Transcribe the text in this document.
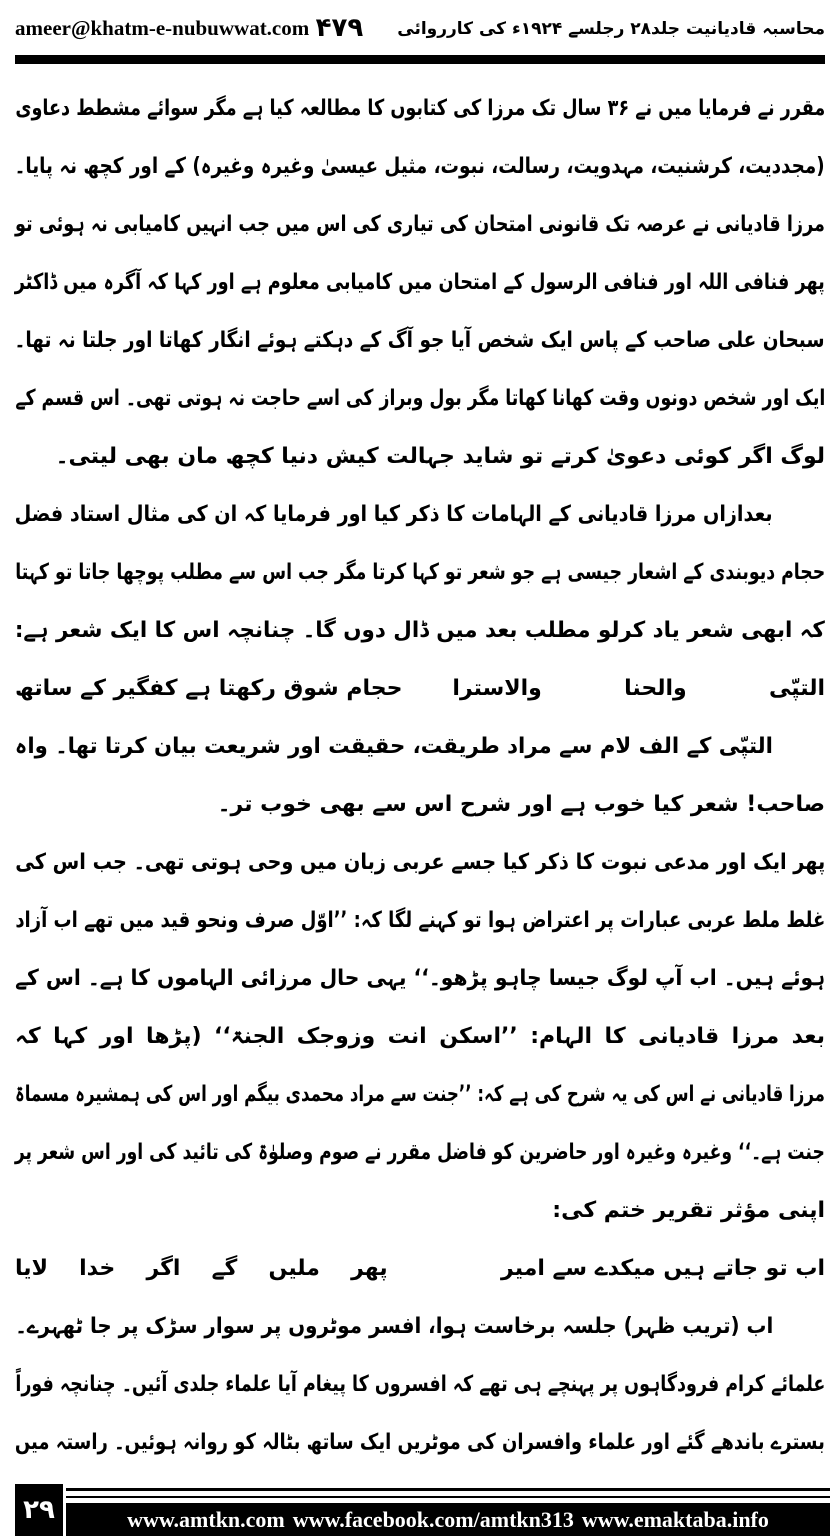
ameer@khatm-e-nubuwwat.com ۴۷۹ محاسبہ قادیانیت جلد۲۸ رجلسے ۱۹۲۴ء کی کارروائی
مقرر نے فرمایا میں نے ۳۶ سال تک مرزا کی کتابوں کا مطالعہ کیا ہے مگر سوائے مشطط دعاوی
(مجددیت، کرشنیت، مہدویت، رسالت، نبوت، مثیل عیسیٰ وغیرہ وغیرہ) کے اور کچھ نہ پایا۔
مرزا قادیانی نے عرصہ تک قانونی امتحان کی تیاری کی اس میں جب انہیں کامیابی نہ ہوئی تو
پھر فنافی اللہ اور فنافی الرسول کے امتحان میں کامیابی معلوم ہے اور کہا کہ آگرہ میں ڈاکٹر
سبحان علی صاحب کے پاس ایک شخص آیا جو آگ کے دہکتے ہوئے انگار کھاتا اور جلتا نہ تھا۔
ایک اور شخص دونوں وقت کھانا کھاتا مگر بول وبراز کی اسے حاجت نہ ہوتی تھی۔ اس قسم کے
لوگ اگر کوئی دعویٰ کرتے تو شاید جہالت کیش دنیا کچھ مان بھی لیتی۔
بعدازاں مرزا قادیانی کے الہامات کا ذکر کیا اور فرمایا کہ ان کی مثال استاد فضل
حجام دیوبندی کے اشعار جیسی ہے جو شعر تو کہا کرتا مگر جب اس سے مطلب پوچھا جاتا تو کہتا
کہ ابھی شعر یاد کرلو مطلب بعد میں ڈال دوں گا۔ چنانچہ اس کا ایک شعر ہے:
التپّی
والحنا
والاسترا
حجام شوق رکھتا ہے کفگیر کے ساتھ
التپّی کے الف لام سے مراد طریقت، حقیقت اور شریعت بیان کرتا تھا۔ واہ
صاحب! شعر کیا خوب ہے اور شرح اس سے بھی خوب تر۔
پھر ایک اور مدعی نبوت کا ذکر کیا جسے عربی زبان میں وحی ہوتی تھی۔ جب اس کی
غلط ملط عربی عبارات پر اعتراض ہوا تو کہنے لگا کہ: ’’اوّل صرف ونحو قید میں تھے اب آزاد
ہوئے ہیں۔ اب آپ لوگ جیسا چاہو پڑھو۔‘‘ یہی حال مرزائی الہاموں کا ہے۔ اس کے
بعد مرزا قادیانی کا الہام: ’’اسکن انت وزوجک الجنۃ‘‘ (پڑھا اور کہا کہ
مرزا قادیانی نے اس کی یہ شرح کی ہے کہ: ’’جنت سے مراد محمدی بیگم اور اس کی ہمشیرہ مسماۃ
جنت ہے۔‘‘ وغیرہ وغیرہ اور حاضرین کو فاضل مقرر نے صوم وصلوٰۃ کی تائید کی اور اس شعر پر
اپنی مؤثر تقریر ختم کی:
اب تو جاتے ہیں میکدے سے امیر
پھر
ملیں
گے
اگر
خدا
لایا
اب (تریب ظہر) جلسہ برخاست ہوا، افسر موٹروں پر سوار سڑک پر جا ٹھہرے۔
علمائے کرام فرودگاہوں پر پہنچے ہی تھے کہ افسروں کا پیغام آیا علماء جلدی آئیں۔ چنانچہ فوراً
بسترے باندھے گئے اور علماء وافسران کی موٹریں ایک ساتھ بٹالہ کو روانہ ہوئیں۔ راستہ میں
۲۹	www.amtkn.com www.facebook.com/amtkn313 www.emaktaba.info
